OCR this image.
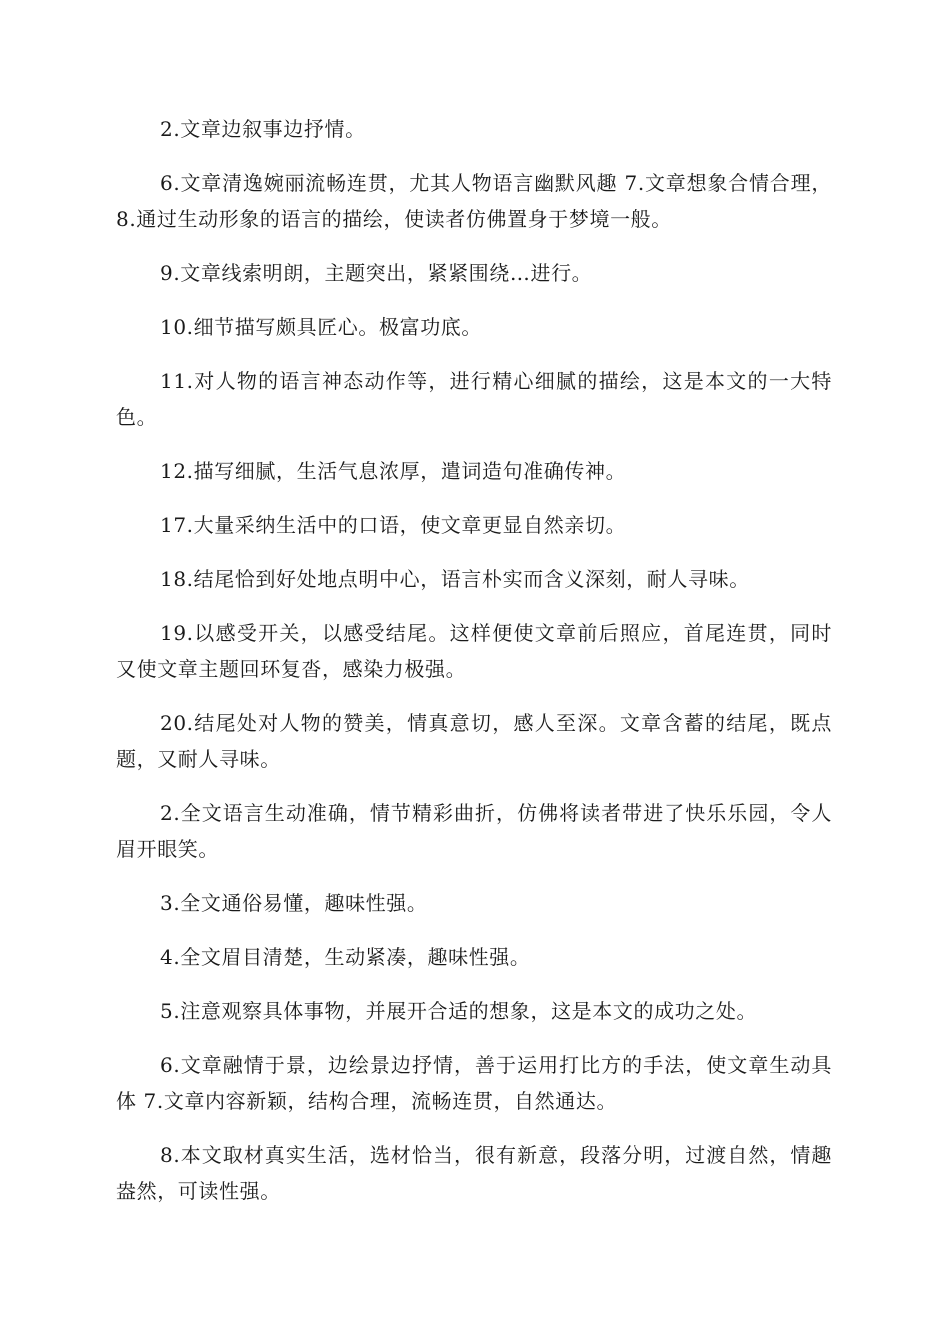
2.文章边叙事边抒情。

6.文章清逸婉丽流畅连贯，尤其人物语言幽默风趣 7.文章想象合情合理，8.通过生动形象的语言的描绘，使读者仿佛置身于梦境一般。

9.文章线索明朗，主题突出，紧紧围绕…进行。

10.细节描写颇具匠心。极富功底。

11.对人物的语言神态动作等，进行精心细腻的描绘，这是本文的一大特色。

12.描写细腻，生活气息浓厚，遣词造句准确传神。

17.大量采纳生活中的口语，使文章更显自然亲切。

18.结尾恰到好处地点明中心，语言朴实而含义深刻，耐人寻味。

19.以感受开关，以感受结尾。这样便使文章前后照应，首尾连贯，同时又使文章主题回环复沓，感染力极强。

20.结尾处对人物的赞美，情真意切，感人至深。文章含蓄的结尾，既点题，又耐人寻味。

2.全文语言生动准确，情节精彩曲折，仿佛将读者带进了快乐乐园，令人眉开眼笑。

3.全文通俗易懂，趣味性强。

4.全文眉目清楚，生动紧凑，趣味性强。

5.注意观察具体事物，并展开合适的想象，这是本文的成功之处。

6.文章融情于景，边绘景边抒情，善于运用打比方的手法，使文章生动具体 7.文章内容新颖，结构合理，流畅连贯，自然通达。

8.本文取材真实生活，选材恰当，很有新意，段落分明，过渡自然，情趣盎然，可读性强。
